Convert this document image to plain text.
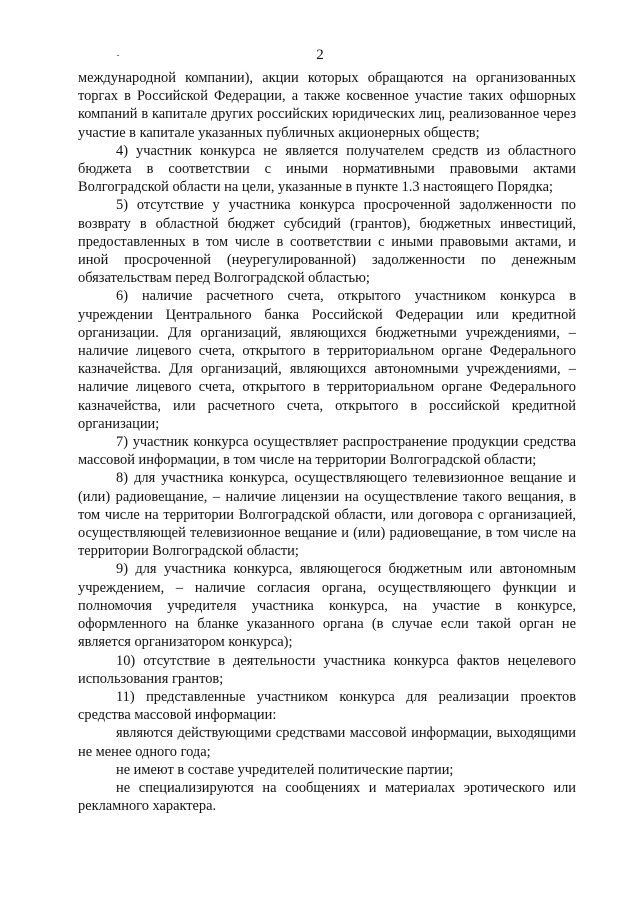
2

международной компании), акции которых обращаются на организованных торгах в Российской Федерации, а также косвенное участие таких офшорных компаний в капитале других российских юридических лиц, реализованное через участие в капитале указанных публичных акционерных обществ;

4) участник конкурса не является получателем средств из областного бюджета в соответствии с иными нормативными правовыми актами Волгоградской области на цели, указанные в пункте 1.3 настоящего Порядка;

5) отсутствие у участника конкурса просроченной задолженности по возврату в областной бюджет субсидий (грантов), бюджетных инвестиций, предоставленных в том числе в соответствии с иными правовыми актами, и иной просроченной (неурегулированной) задолженности по денежным обязательствам перед Волгоградской областью;

6) наличие расчетного счета, открытого участником конкурса в учреждении Центрального банка Российской Федерации или кредитной организации. Для организаций, являющихся бюджетными учреждениями, – наличие лицевого счета, открытого в территориальном органе Федерального казначейства. Для организаций, являющихся автономными учреждениями, – наличие лицевого счета, открытого в территориальном органе Федерального казначейства, или расчетного счета, открытого в российской кредитной организации;

7) участник конкурса осуществляет распространение продукции средства массовой информации, в том числе на территории Волгоградской области;

8) для участника конкурса, осуществляющего телевизионное вещание и (или) радиовещание, – наличие лицензии на осуществление такого вещания, в том числе на территории Волгоградской области, или договора с организацией, осуществляющей телевизионное вещание и (или) радиовещание, в том числе на территории Волгоградской области;

9) для участника конкурса, являющегося бюджетным или автономным учреждением, – наличие согласия органа, осуществляющего функции и полномочия учредителя участника конкурса, на участие в конкурсе, оформленного на бланке указанного органа (в случае если такой орган не является организатором конкурса);

10) отсутствие в деятельности участника конкурса фактов нецелевого использования грантов;

11) представленные участником конкурса для реализации проектов средства массовой информации:

являются действующими средствами массовой информации, выходящими не менее одного года;

не имеют в составе учредителей политические партии;

не специализируются на сообщениях и материалах эротического или рекламного характера.
